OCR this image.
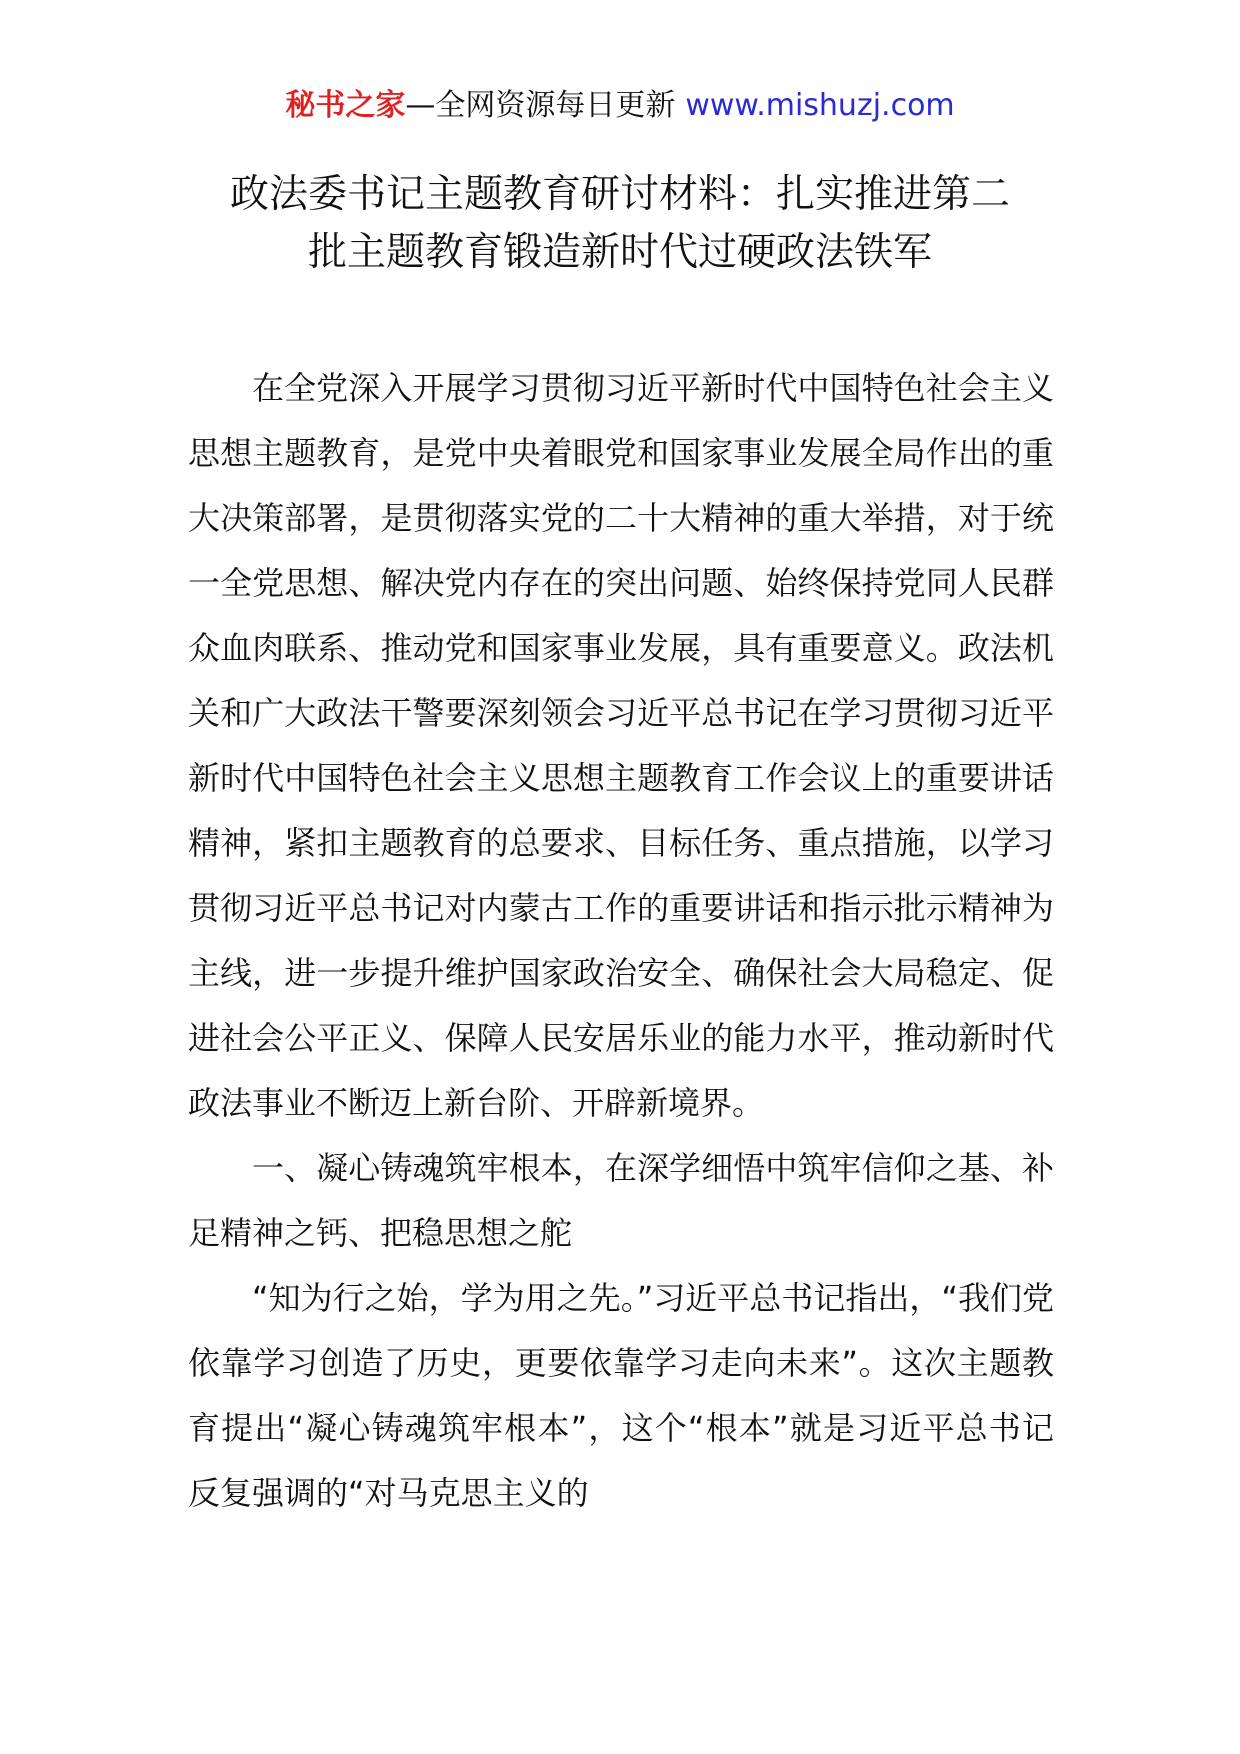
秘书之家—全网资源每日更新 www.mishuzj.com
政法委书记主题教育研讨材料：扎实推进第二
批主题教育锻造新时代过硬政法铁军

在全党深入开展学习贯彻习近平新时代中国特色社会主义思想主题教育，是党中央着眼党和国家事业发展全局作出的重大决策部署，是贯彻落实党的二十大精神的重大举措，对于统一全党思想、解决党内存在的突出问题、始终保持党同人民群众血肉联系、推动党和国家事业发展，具有重要意义。政法机关和广大政法干警要深刻领会习近平总书记在学习贯彻习近平新时代中国特色社会主义思想主题教育工作会议上的重要讲话精神，紧扣主题教育的总要求、目标任务、重点措施，以学习贯彻习近平总书记对内蒙古工作的重要讲话和指示批示精神为主线，进一步提升维护国家政治安全、确保社会大局稳定、促进社会公平正义、保障人民安居乐业的能力水平，推动新时代政法事业不断迈上新台阶、开辟新境界。

一、凝心铸魂筑牢根本，在深学细悟中筑牢信仰之基、补足精神之钙、把稳思想之舵

“知为行之始，学为用之先。”习近平总书记指出，“我们党依靠学习创造了历史，更要依靠学习走向未来”。这次主题教育提出“凝心铸魂筑牢根本”，这个“根本”就是习近平总书记反复强调的“对马克思主义的
